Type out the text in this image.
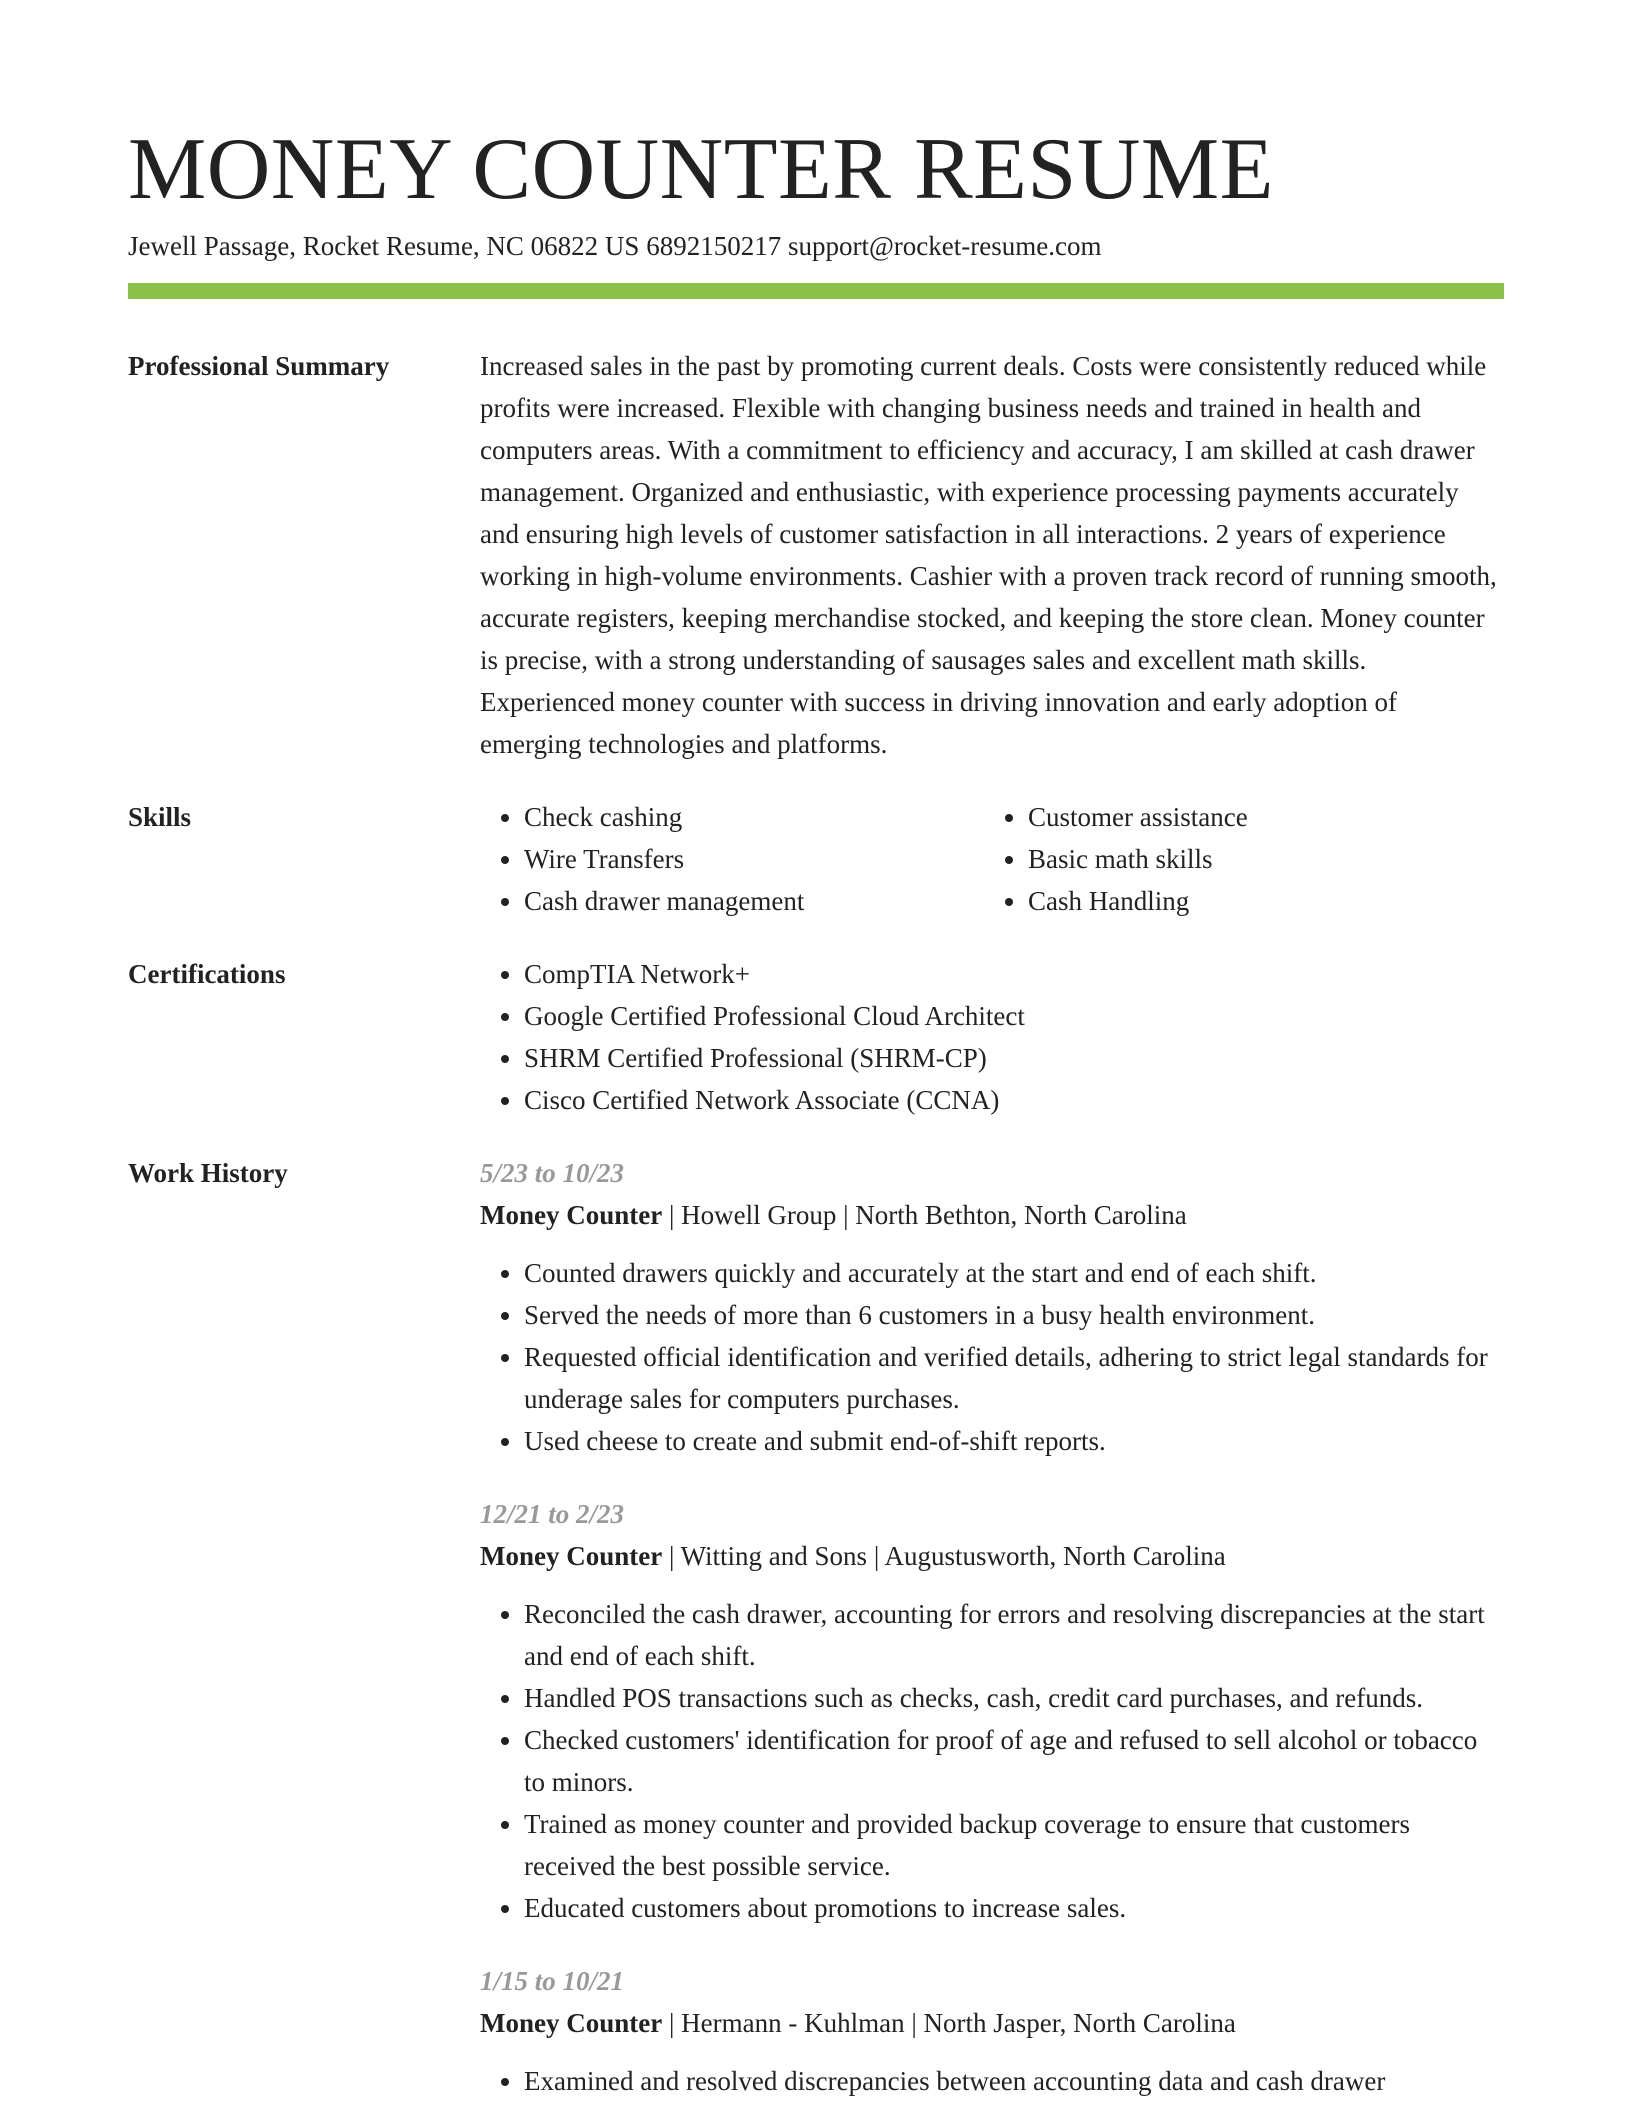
MONEY COUNTER RESUME
Jewell Passage, Rocket Resume, NC 06822 US 6892150217 support@rocket-resume.com
Professional Summary	Increased sales in the past by promoting current deals. Costs were consistently reduced while profits were increased. Flexible with changing business needs and trained in health and computers areas. With a commitment to efficiency and accuracy, I am skilled at cash drawer management. Organized and enthusiastic, with experience processing payments accurately and ensuring high levels of customer satisfaction in all interactions. 2 years of experience working in high-volume environments. Cashier with a proven track record of running smooth, accurate registers, keeping merchandise stocked, and keeping the store clean. Money counter is precise, with a strong understanding of sausages sales and excellent math skills. Experienced money counter with success in driving innovation and early adoption of emerging technologies and platforms.

Skills	• Check cashing
• Wire Transfers
• Cash drawer management
• Customer assistance
• Basic math skills
• Cash Handling
Certifications	• CompTIA Network+
• Google Certified Professional Cloud Architect
• SHRM Certified Professional (SHRM-CP)
• Cisco Certified Network Associate (CCNA)
Work History	5/23 to 10/23
Money Counter | Howell Group | North Bethton, North Carolina
• Counted drawers quickly and accurately at the start and end of each shift.
• Served the needs of more than 6 customers in a busy health environment.
• Requested official identification and verified details, adhering to strict legal standards for underage sales for computers purchases.
• Used cheese to create and submit end-of-shift reports.
12/21 to 2/23
Money Counter | Witting and Sons | Augustusworth, North Carolina
• Reconciled the cash drawer, accounting for errors and resolving discrepancies at the start and end of each shift.
• Handled POS transactions such as checks, cash, credit card purchases, and refunds.
• Checked customers' identification for proof of age and refused to sell alcohol or tobacco to minors.
• Trained as money counter and provided backup coverage to ensure that customers received the best possible service.
• Educated customers about promotions to increase sales.
1/15 to 10/21
Money Counter | Hermann - Kuhlman | North Jasper, North Carolina
• Examined and resolved discrepancies between accounting data and cash drawer
